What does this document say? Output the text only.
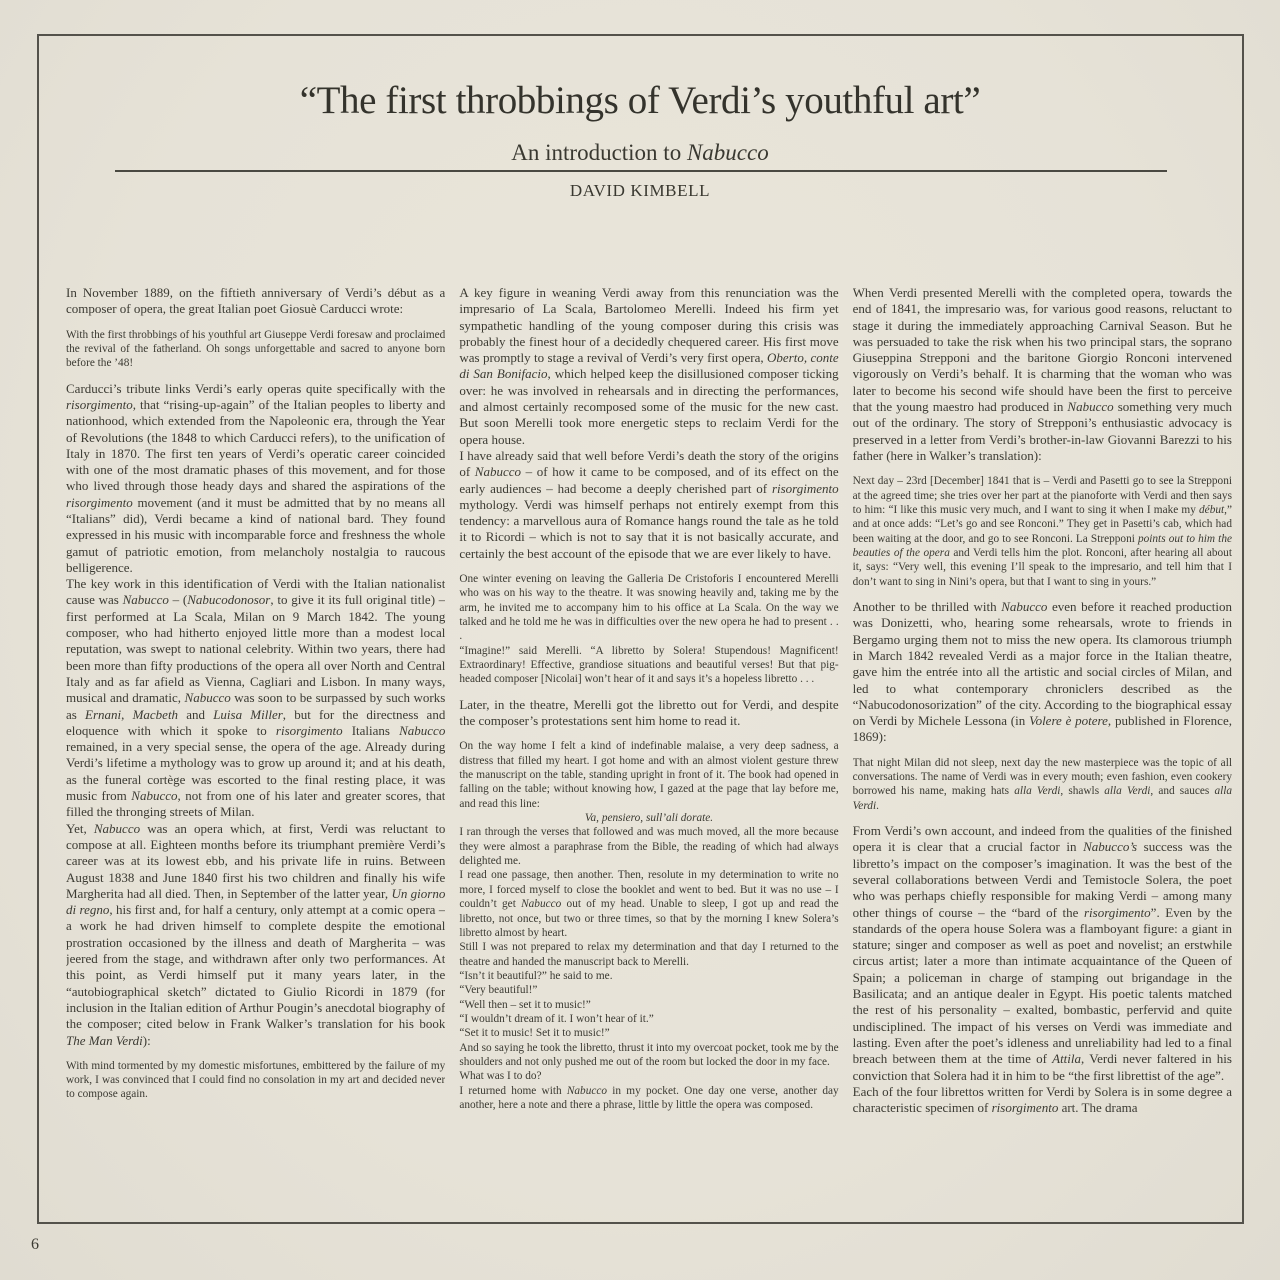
“The first throbbings of Verdi’s youthful art”
An introduction to Nabucco
DAVID KIMBELL

In November 1889, on the fiftieth anniversary of Verdi’s début as a composer of opera, the great Italian poet Giosuè Carducci wrote:

With the first throbbings of his youthful art Giuseppe Verdi foresaw and proclaimed the revival of the fatherland. Oh songs unforgettable and sacred to anyone born before the ’48!

Carducci’s tribute links Verdi’s early operas quite specifically with the risorgimento, that “rising-up-again” of the Italian peoples to liberty and nationhood, which extended from the Napoleonic era, through the Year of Revolutions (the 1848 to which Carducci refers), to the unification of Italy in 1870. The first ten years of Verdi’s operatic career coincided with one of the most dramatic phases of this movement, and for those who lived through those heady days and shared the aspirations of the risorgimento movement (and it must be admitted that by no means all “Italians” did), Verdi became a kind of national bard. They found expressed in his music with incomparable force and freshness the whole gamut of patriotic emotion, from melancholy nostalgia to raucous belligerence.

The key work in this identification of Verdi with the Italian nationalist cause was Nabucco – (Nabucodonosor, to give it its full original title) – first performed at La Scala, Milan on 9 March 1842. The young composer, who had hitherto enjoyed little more than a modest local reputation, was swept to national celebrity. Within two years, there had been more than fifty productions of the opera all over North and Central Italy and as far afield as Vienna, Cagliari and Lisbon. In many ways, musical and dramatic, Nabucco was soon to be surpassed by such works as Ernani, Macbeth and Luisa Miller, but for the directness and eloquence with which it spoke to risorgimento Italians Nabucco remained, in a very special sense, the opera of the age. Already during Verdi’s lifetime a mythology was to grow up around it; and at his death, as the funeral cortège was escorted to the final resting place, it was music from Nabucco, not from one of his later and greater scores, that filled the thronging streets of Milan.

Yet, Nabucco was an opera which, at first, Verdi was reluctant to compose at all. Eighteen months before its triumphant première Verdi’s career was at its lowest ebb, and his private life in ruins. Between August 1838 and June 1840 first his two children and finally his wife Margherita had all died. Then, in September of the latter year, Un giorno di regno, his first and, for half a century, only attempt at a comic opera – a work he had driven himself to complete despite the emotional prostration occasioned by the illness and death of Margherita – was jeered from the stage, and withdrawn after only two performances. At this point, as Verdi himself put it many years later, in the “autobiographical sketch” dictated to Giulio Ricordi in 1879 (for inclusion in the Italian edition of Arthur Pougin’s anecdotal biography of the composer; cited below in Frank Walker’s translation for his book The Man Verdi):

With mind tormented by my domestic misfortunes, embittered by the failure of my work, I was convinced that I could find no consolation in my art and decided never to compose again.

A key figure in weaning Verdi away from this renunciation was the impresario of La Scala, Bartolomeo Merelli. Indeed his firm yet sympathetic handling of the young composer during this crisis was probably the finest hour of a decidedly chequered career. His first move was promptly to stage a revival of Verdi’s very first opera, Oberto, conte di San Bonifacio, which helped keep the disillusioned composer ticking over: he was involved in rehearsals and in directing the performances, and almost certainly recomposed some of the music for the new cast. But soon Merelli took more energetic steps to reclaim Verdi for the opera house.

I have already said that well before Verdi’s death the story of the origins of Nabucco – of how it came to be composed, and of its effect on the early audiences – had become a deeply cherished part of risorgimento mythology. Verdi was himself perhaps not entirely exempt from this tendency: a marvellous aura of Romance hangs round the tale as he told it to Ricordi – which is not to say that it is not basically accurate, and certainly the best account of the episode that we are ever likely to have.

One winter evening on leaving the Galleria De Cristoforis I encountered Merelli who was on his way to the theatre. It was snowing heavily and, taking me by the arm, he invited me to accompany him to his office at La Scala. On the way we talked and he told me he was in difficulties over the new opera he had to present . . .

“Imagine!” said Merelli. “A libretto by Solera! Stupendous! Magnificent! Extraordinary! Effective, grandiose situations and beautiful verses! But that pig-headed composer [Nicolai] won’t hear of it and says it’s a hopeless libretto . . .

Later, in the theatre, Merelli got the libretto out for Verdi, and despite the composer’s protestations sent him home to read it.

On the way home I felt a kind of indefinable malaise, a very deep sadness, a distress that filled my heart. I got home and with an almost violent gesture threw the manuscript on the table, standing upright in front of it. The book had opened in falling on the table; without knowing how, I gazed at the page that lay before me, and read this line:

Va, pensiero, sull’ali dorate.

I ran through the verses that followed and was much moved, all the more because they were almost a paraphrase from the Bible, the reading of which had always delighted me.

I read one passage, then another. Then, resolute in my determination to write no more, I forced myself to close the booklet and went to bed. But it was no use – I couldn’t get Nabucco out of my head. Unable to sleep, I got up and read the libretto, not once, but two or three times, so that by the morning I knew Solera’s libretto almost by heart.

Still I was not prepared to relax my determination and that day I returned to the theatre and handed the manuscript back to Merelli.

“Isn’t it beautiful?” he said to me.

“Very beautiful!”

“Well then – set it to music!”

“I wouldn’t dream of it. I won’t hear of it.”

“Set it to music! Set it to music!”

And so saying he took the libretto, thrust it into my overcoat pocket, took me by the shoulders and not only pushed me out of the room but locked the door in my face.

What was I to do?

I returned home with Nabucco in my pocket. One day one verse, another day another, here a note and there a phrase, little by little the opera was composed.

When Verdi presented Merelli with the completed opera, towards the end of 1841, the impresario was, for various good reasons, reluctant to stage it during the immediately approaching Carnival Season. But he was persuaded to take the risk when his two principal stars, the soprano Giuseppina Strepponi and the baritone Giorgio Ronconi intervened vigorously on Verdi’s behalf. It is charming that the woman who was later to become his second wife should have been the first to perceive that the young maestro had produced in Nabucco something very much out of the ordinary. The story of Strepponi’s enthusiastic advocacy is preserved in a letter from Verdi’s brother-in-law Giovanni Barezzi to his father (here in Walker’s translation):

Next day – 23rd [December] 1841 that is – Verdi and Pasetti go to see la Strepponi at the agreed time; she tries over her part at the pianoforte with Verdi and then says to him: “I like this music very much, and I want to sing it when I make my début,” and at once adds: “Let’s go and see Ronconi.” They get in Pasetti’s cab, which had been waiting at the door, and go to see Ronconi. La Strepponi points out to him the beauties of the opera and Verdi tells him the plot. Ronconi, after hearing all about it, says: “Very well, this evening I’ll speak to the impresario, and tell him that I don’t want to sing in Nini’s opera, but that I want to sing in yours.”

Another to be thrilled with Nabucco even before it reached production was Donizetti, who, hearing some rehearsals, wrote to friends in Bergamo urging them not to miss the new opera. Its clamorous triumph in March 1842 revealed Verdi as a major force in the Italian theatre, gave him the entrée into all the artistic and social circles of Milan, and led to what contemporary chroniclers described as the “Nabucodonosorization” of the city. According to the biographical essay on Verdi by Michele Lessona (in Volere è potere, published in Florence, 1869):

That night Milan did not sleep, next day the new masterpiece was the topic of all conversations. The name of Verdi was in every mouth; even fashion, even cookery borrowed his name, making hats alla Verdi, shawls alla Verdi, and sauces alla Verdi.

From Verdi’s own account, and indeed from the qualities of the finished opera it is clear that a crucial factor in Nabucco’s success was the libretto’s impact on the composer’s imagination. It was the best of the several collaborations between Verdi and Temistocle Solera, the poet who was perhaps chiefly responsible for making Verdi – among many other things of course – the “bard of the risorgimento”. Even by the standards of the opera house Solera was a flamboyant figure: a giant in stature; singer and composer as well as poet and novelist; an erstwhile circus artist; later a more than intimate acquaintance of the Queen of Spain; a policeman in charge of stamping out brigandage in the Basilicata; and an antique dealer in Egypt. His poetic talents matched the rest of his personality – exalted, bombastic, perfervid and quite undisciplined. The impact of his verses on Verdi was immediate and lasting. Even after the poet’s idleness and unreliability had led to a final breach between them at the time of Attila, Verdi never faltered in his conviction that Solera had it in him to be “the first librettist of the age”.

Each of the four librettos written for Verdi by Solera is in some degree a characteristic specimen of risorgimento art. The drama

6
